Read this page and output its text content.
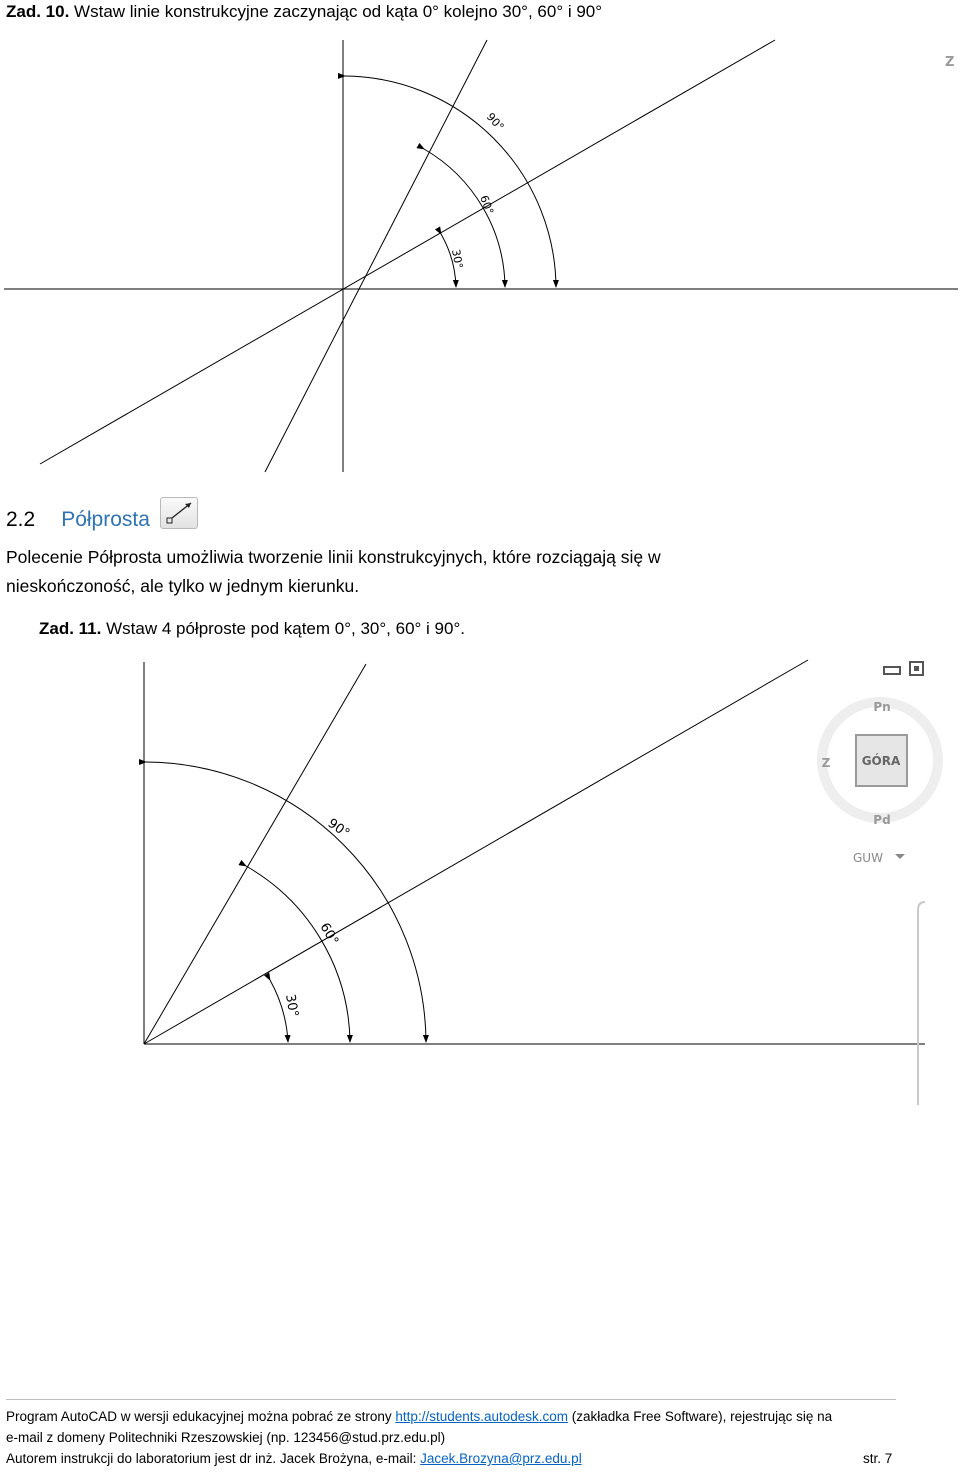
Zad. 10. Wstaw linie konstrukcyjne zaczynając od kąta 0° kolejno 30°, 60° i 90°
90°
60°
30°
Z
2.2 Półprosta
Polecenie Półprosta umożliwia tworzenie linii konstrukcyjnych, które rozciągają się w
nieskończoność, ale tylko w jednym kierunku.
Zad. 11. Wstaw 4 półproste pod kątem 0°, 30°, 60° i 90°.
90°
60°
30°
GÓRA
Pn
Pd
Z
GUW
Program AutoCAD w wersji edukacyjnej można pobrać ze strony http://students.autodesk.com (zakładka Free Software), rejestrując się na
e-mail z domeny Politechniki Rzeszowskiej (np. 123456@stud.prz.edu.pl)
Autorem instrukcji do laboratorium jest dr inż. Jacek Brożyna, e-mail: Jacek.Brozyna@prz.edu.pl	str. 7
